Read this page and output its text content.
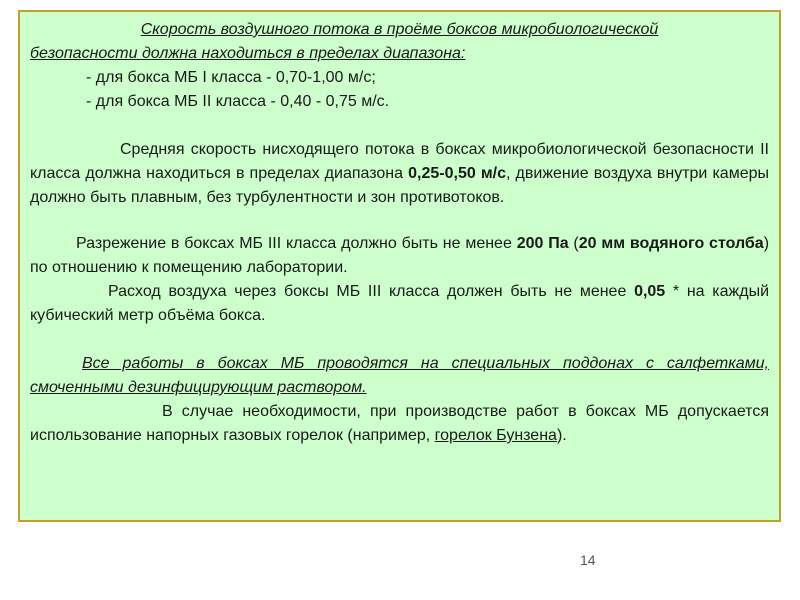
Скорость воздушного потока в проёме боксов микробиологической

безопасности должна находиться в пределах диапазона:

- для бокса МБ I класса - 0,70-1,00 м/с;

- для бокса МБ II класса - 0,40 - 0,75 м/с.

Средняя скорость нисходящего потока в боксах микробиологической безопасности II класса должна находиться в пределах диапазона 0,25-0,50 м/с, движение воздуха внутри камеры должно быть плавным, без турбулентности и зон противотоков.

Разрежение в боксах МБ III класса должно быть не менее 200 Па (20 мм водяного столба) по отношению к помещению лаборатории.

Расход воздуха через боксы МБ III класса должен быть не менее 0,05 * на каждый кубический метр объёма бокса.

Все работы в боксах МБ проводятся на специальных поддонах с салфетками, смоченными дезинфицирующим раствором.

В случае необходимости, при производстве работ в боксах МБ допускается использование напорных газовых горелок (например, горелок Бунзена).

14
